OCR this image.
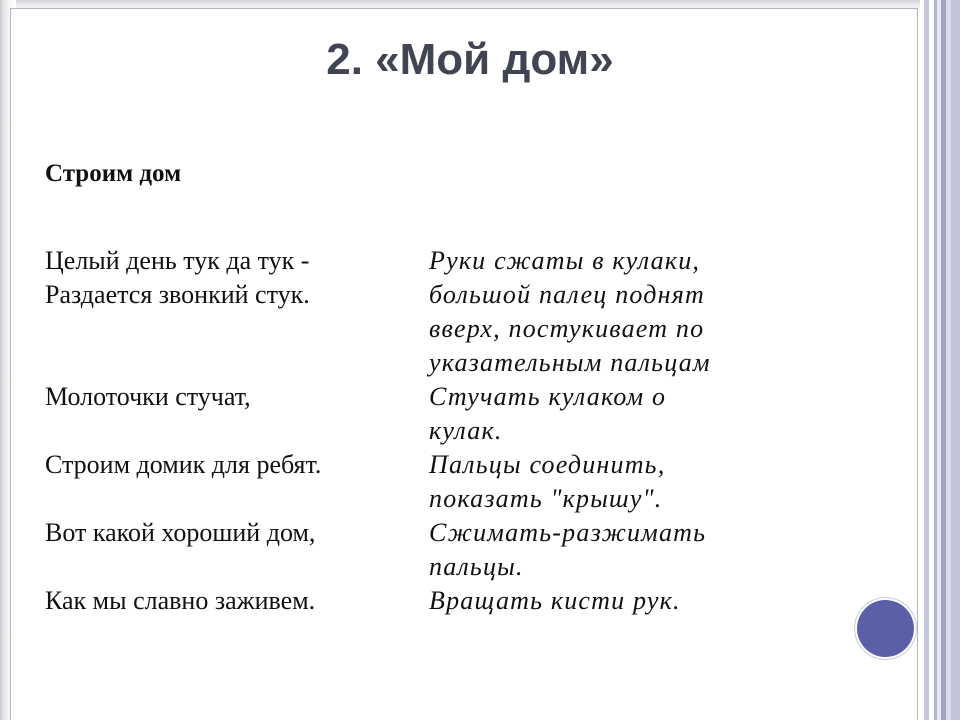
2. «Мой дом»
Строим дом
Целый день тук да тук -	Руки сжаты в кулаки,
Раздается звонкий стук.	большой палец поднят
вверх, постукивает по
указательным пальцам
Молоточки стучат,	Стучать кулаком о
кулак.
Строим домик для ребят.	Пальцы соединить,
показать "крышу".
Вот какой хороший дом,	Сжимать-разжимать
пальцы.
Как мы славно заживем.	Вращать кисти рук.
